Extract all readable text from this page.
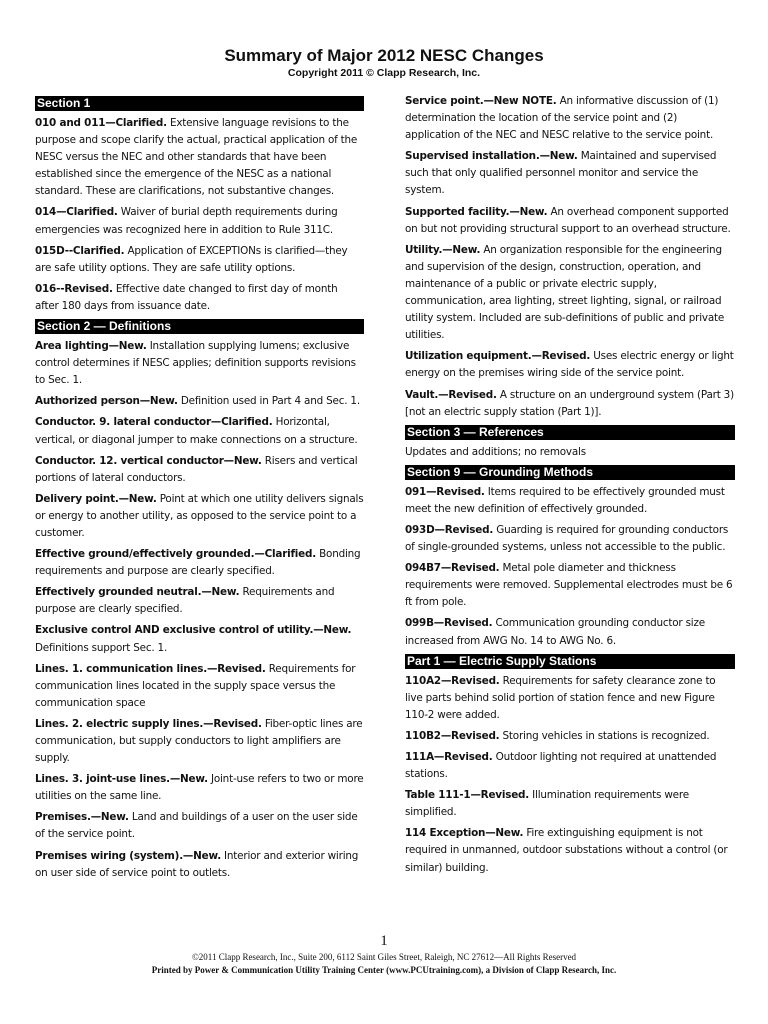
Summary of Major 2012 NESC Changes
Copyright 2011 © Clapp Research, Inc.
Section 1

010 and 011—Clarified. Extensive language revisions to the purpose and scope clarify the actual, practical application of the NESC versus the NEC and other standards that have been established since the emergence of the NESC as a national standard. These are clarifications, not substantive changes.

014—Clarified. Waiver of burial depth requirements during emergencies was recognized here in addition to Rule 311C.

015D--Clarified. Application of EXCEPTIONs is clarified—they are safe utility options. They are safe utility options.

016--Revised. Effective date changed to first day of month after 180 days from issuance date.

Section 2 — Definitions

Area lighting—New. Installation supplying lumens; exclusive control determines if NESC applies; definition supports revisions to Sec. 1.

Authorized person—New. Definition used in Part 4 and Sec. 1.

Conductor. 9. lateral conductor—Clarified. Horizontal, vertical, or diagonal jumper to make connections on a structure.

Conductor. 12. vertical conductor—New. Risers and vertical portions of lateral conductors.

Delivery point.—New. Point at which one utility delivers signals or energy to another utility, as opposed to the service point to a customer.

Effective ground/effectively grounded.—Clarified. Bonding requirements and purpose are clearly specified.

Effectively grounded neutral.—New. Requirements and purpose are clearly specified.

Exclusive control AND exclusive control of utility.—New. Definitions support Sec. 1.

Lines. 1. communication lines.—Revised. Requirements for communication lines located in the supply space versus the communication space

Lines. 2. electric supply lines.—Revised. Fiber-optic lines are communication, but supply conductors to light amplifiers are supply.

Lines. 3. joint-use lines.—New. Joint-use refers to two or more utilities on the same line.

Premises.—New. Land and buildings of a user on the user side of the service point.

Premises wiring (system).—New. Interior and exterior wiring on user side of service point to outlets.

Service point.—New NOTE. An informative discussion of (1) determination the location of the service point and (2) application of the NEC and NESC relative to the service point.

Supervised installation.—New. Maintained and supervised such that only qualified personnel monitor and service the system.

Supported facility.—New. An overhead component supported on but not providing structural support to an overhead structure.

Utility.—New. An organization responsible for the engineering and supervision of the design, construction, operation, and maintenance of a public or private electric supply, communication, area lighting, street lighting, signal, or railroad utility system. Included are sub-definitions of public and private utilities.

Utilization equipment.—Revised. Uses electric energy or light energy on the premises wiring side of the service point.

Vault.—Revised. A structure on an underground system (Part 3) [not an electric supply station (Part 1)].

Section 3 — References

Updates and additions; no removals

Section 9 — Grounding Methods

091—Revised. Items required to be effectively grounded must meet the new definition of effectively grounded.

093D—Revised. Guarding is required for grounding conductors of single-grounded systems, unless not accessible to the public.

094B7—Revised. Metal pole diameter and thickness requirements were removed. Supplemental electrodes must be 6 ft from pole.

099B—Revised. Communication grounding conductor size increased from AWG No. 14 to AWG No. 6.

Part 1 — Electric Supply Stations

110A2—Revised. Requirements for safety clearance zone to live parts behind solid portion of station fence and new Figure 110-2 were added.

110B2—Revised. Storing vehicles in stations is recognized.

111A—Revised. Outdoor lighting not required at unattended stations.

Table 111-1—Revised. Illumination requirements were simplified.

114 Exception—New. Fire extinguishing equipment is not required in unmanned, outdoor substations without a control (or similar) building.

1
©2011 Clapp Research, Inc., Suite 200, 6112 Saint Giles Street, Raleigh, NC 27612—All Rights Reserved
Printed by Power & Communication Utility Training Center (www.PCUtraining.com), a Division of Clapp Research, Inc.
